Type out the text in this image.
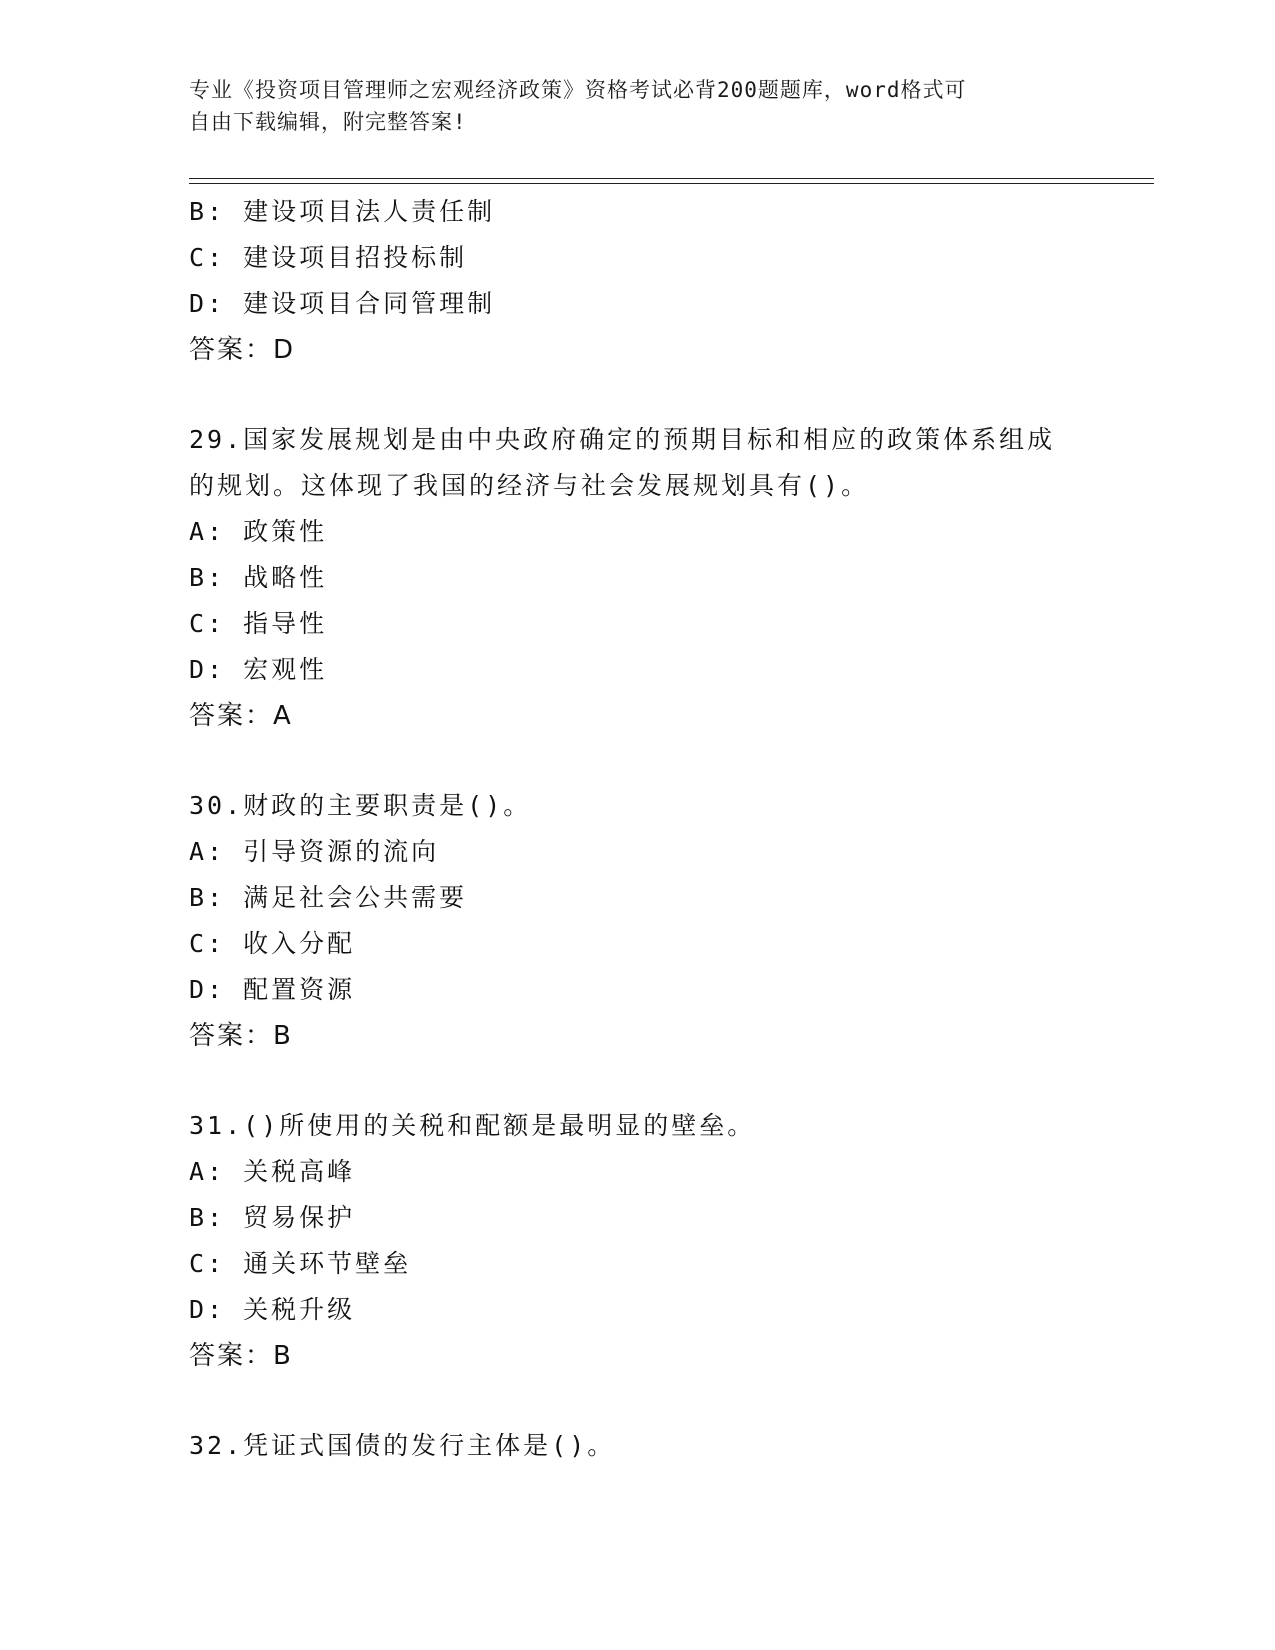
专业《投资项目管理师之宏观经济政策》资格考试必背200题题库，word格式可
自由下载编辑，附完整答案!
B: 建设项目法人责任制
C: 建设项目招投标制
D: 建设项目合同管理制
答案：D
29.国家发展规划是由中央政府确定的预期目标和相应的政策体系组成
的规划。这体现了我国的经济与社会发展规划具有()。
A: 政策性
B: 战略性
C: 指导性
D: 宏观性
答案：A
30.财政的主要职责是()。
A: 引导资源的流向
B: 满足社会公共需要
C: 收入分配
D: 配置资源
答案：B
31.()所使用的关税和配额是最明显的壁垒。
A: 关税高峰
B: 贸易保护
C: 通关环节壁垒
D: 关税升级
答案：B
32.凭证式国债的发行主体是()。
